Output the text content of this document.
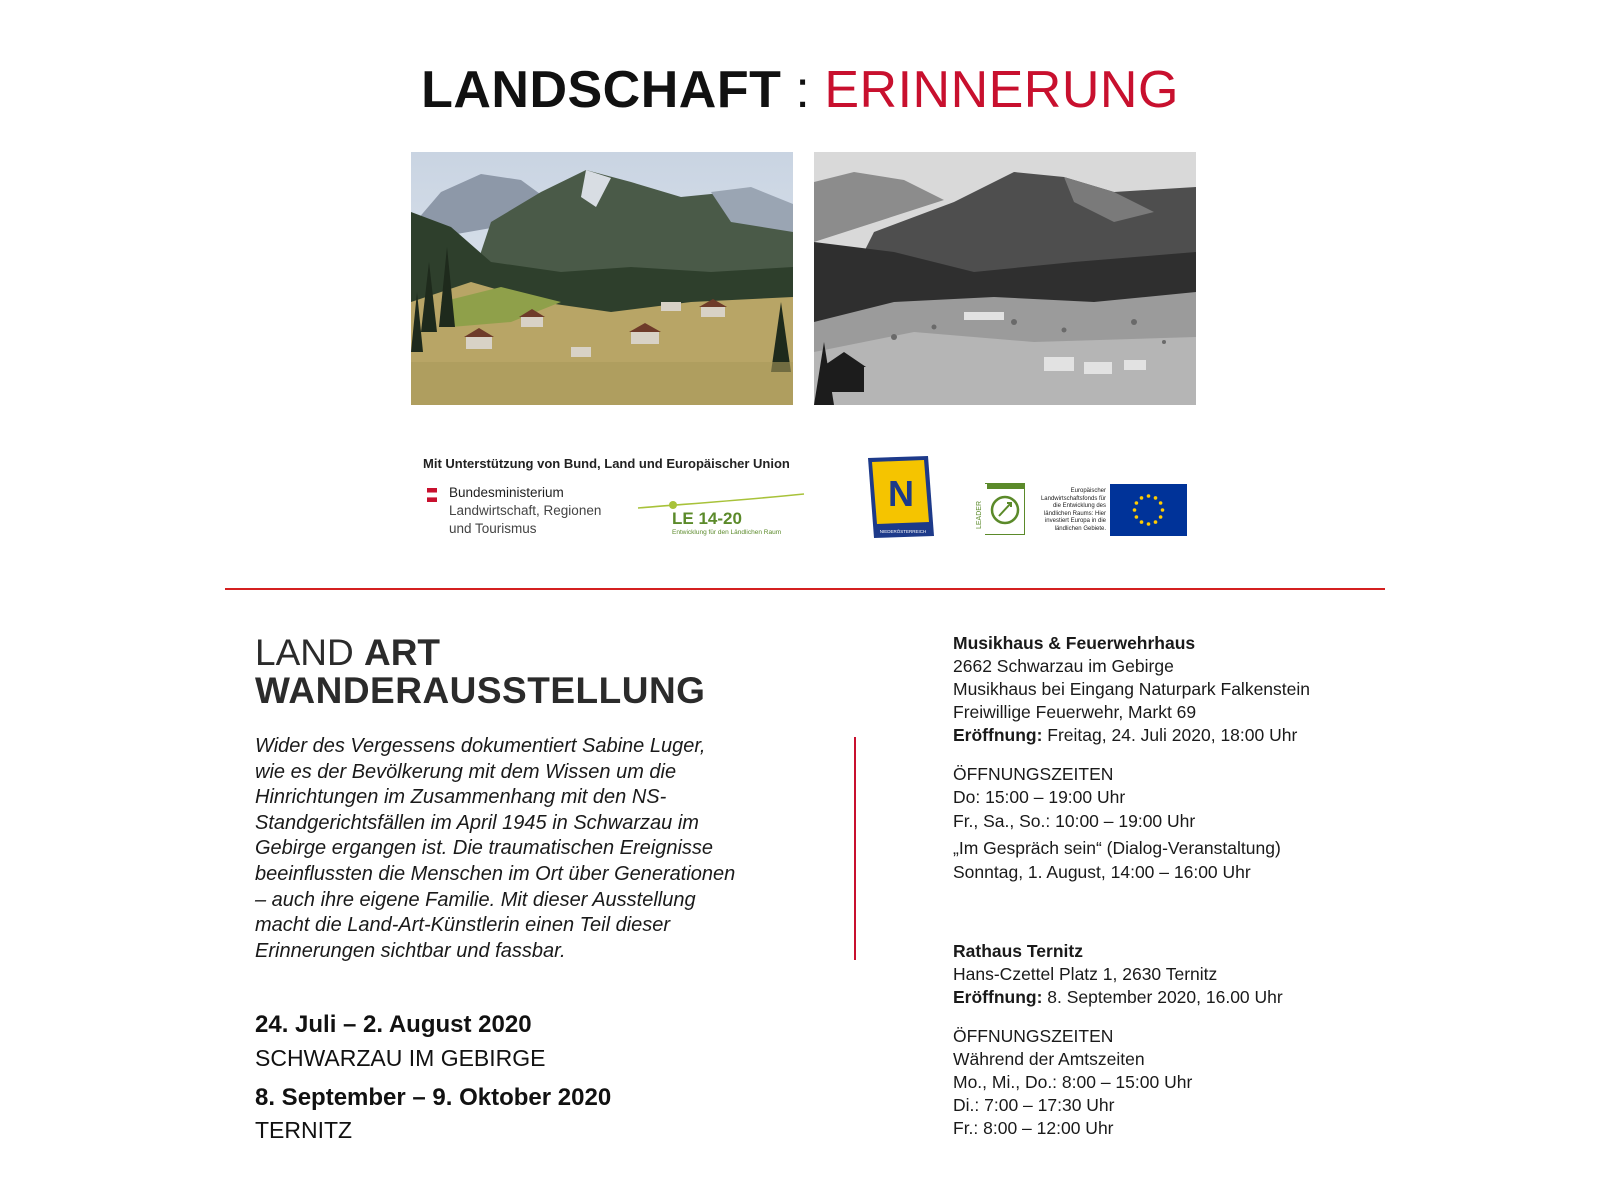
LANDSCHAFT : ERINNERUNG
Mit Unterstützung von Bund, Land und Europäischer Union
Bundesministerium
Landwirtschaft, Regionen
und Tourismus
LE 14-20
Entwicklung für den Ländlichen Raum
N
NIEDERÖSTERREICH
LEADER
Europäischer Landwirtschaftsfonds für die Entwicklung des ländlichen Raums: Hier investiert Europa in die ländlichen Gebiete.
LAND ART
WANDERAUSSTELLUNG
Wider des Vergessens dokumentiert Sabine Luger,
wie es der Bevölkerung mit dem Wissen um die
Hinrichtungen im Zusammenhang mit den NS-
Standgerichtsfällen im April 1945 in Schwarzau im
Gebirge ergangen ist. Die traumatischen Ereignisse
beeinflussten die Menschen im Ort über Generationen
– auch ihre eigene Familie. Mit dieser Ausstellung
macht die Land-Art-Künstlerin einen Teil dieser
Erinnerungen sichtbar und fassbar.
24. Juli – 2. August 2020
SCHWARZAU IM GEBIRGE
8. September – 9. Oktober 2020
TERNITZ
Musikhaus & Feuerwehrhaus
2662 Schwarzau im Gebirge
Musikhaus bei Eingang Naturpark Falkenstein
Freiwillige Feuerwehr, Markt 69
Eröffnung: Freitag, 24. Juli 2020, 18:00 Uhr
ÖFFNUNGSZEITEN
Do: 15:00 – 19:00 Uhr
Fr., Sa., So.: 10:00 – 19:00 Uhr
„Im Gespräch sein“ (Dialog-Veranstaltung)
Sonntag, 1. August, 14:00 – 16:00 Uhr
Rathaus Ternitz
Hans-Czettel Platz 1, 2630 Ternitz
Eröffnung: 8. September 2020, 16.00 Uhr
ÖFFNUNGSZEITEN
Während der Amtszeiten
Mo., Mi., Do.: 8:00 – 15:00 Uhr
Di.: 7:00 – 17:30 Uhr
Fr.: 8:00 – 12:00 Uhr
